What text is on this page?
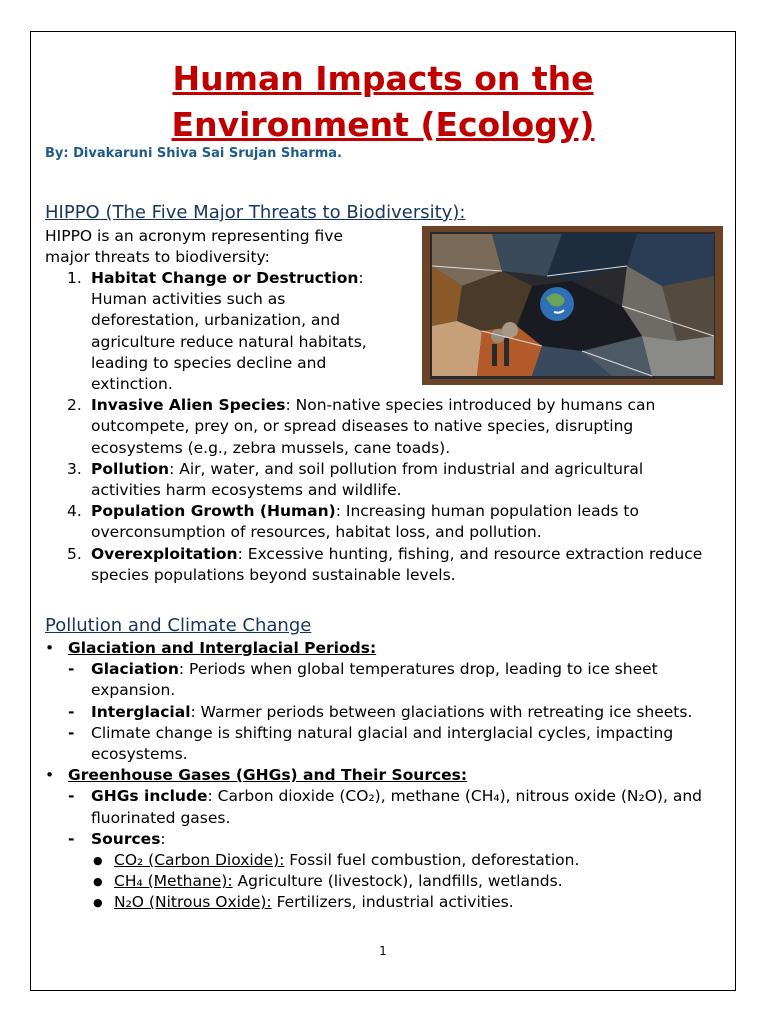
Human Impacts on the
Environment (Ecology)
By: Divakaruni Shiva Sai Srujan Sharma.
HIPPO (The Five Major Threats to Biodiversity):
HIPPO is an acronym representing five major threats to biodiversity:
1. Habitat Change or Destruction: Human activities such as deforestation, urbanization, and agriculture reduce natural habitats, leading to species decline and extinction.
2. Invasive Alien Species: Non-native species introduced by humans can outcompete, prey on, or spread diseases to native species, disrupting ecosystems (e.g., zebra mussels, cane toads).
3. Pollution: Air, water, and soil pollution from industrial and agricultural activities harm ecosystems and wildlife.
4. Population Growth (Human): Increasing human population leads to overconsumption of resources, habitat loss, and pollution.
5. Overexploitation: Excessive hunting, fishing, and resource extraction reduce species populations beyond sustainable levels.
Pollution and Climate Change
• Glaciation and Interglacial Periods:
- Glaciation: Periods when global temperatures drop, leading to ice sheet expansion.
- Interglacial: Warmer periods between glaciations with retreating ice sheets.
- Climate change is shifting natural glacial and interglacial cycles, impacting ecosystems.
• Greenhouse Gases (GHGs) and Their Sources:
- GHGs include: Carbon dioxide (CO₂), methane (CH₄), nitrous oxide (N₂O), and fluorinated gases.
- Sources:
● CO₂ (Carbon Dioxide): Fossil fuel combustion, deforestation.
● CH₄ (Methane): Agriculture (livestock), landfills, wetlands.
● N₂O (Nitrous Oxide): Fertilizers, industrial activities.
1
